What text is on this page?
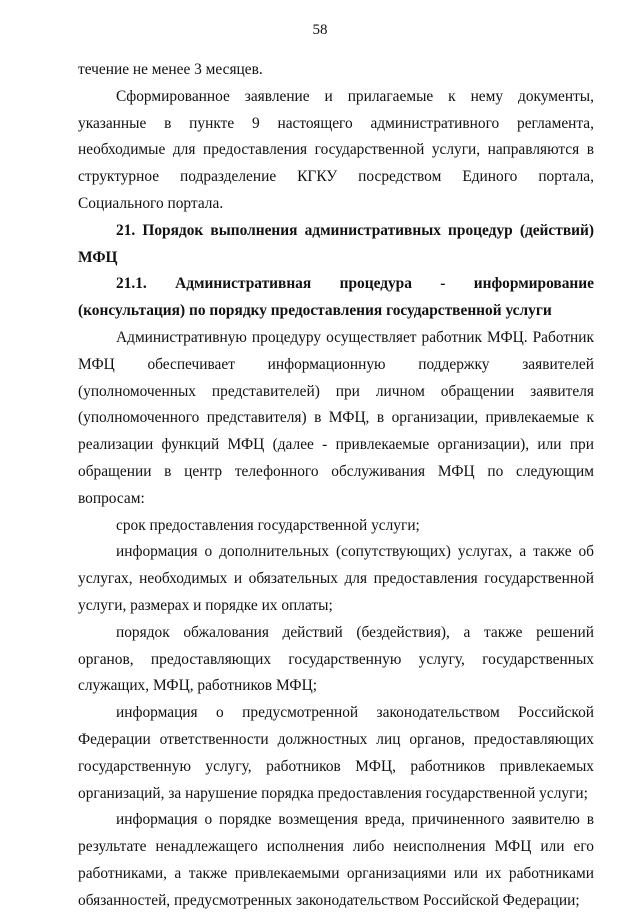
58

течение не менее 3 месяцев.

Сформированное заявление и прилагаемые к нему документы, указанные в пункте 9 настоящего административного регламента, необходимые для предоставления государственной услуги, направляются в структурное подразделение КГКУ посредством Единого портала, Социального портала.

21. Порядок выполнения административных процедур (действий) МФЦ

21.1. Административная процедура - информирование (консультация) по порядку предоставления государственной услуги

Административную процедуру осуществляет работник МФЦ. Работник МФЦ обеспечивает информационную поддержку заявителей (уполномоченных представителей) при личном обращении заявителя (уполномоченного представителя) в МФЦ, в организации, привлекаемые к реализации функций МФЦ (далее - привлекаемые организации), или при обращении в центр телефонного обслуживания МФЦ по следующим вопросам:

срок предоставления государственной услуги;

информация о дополнительных (сопутствующих) услугах, а также об услугах, необходимых и обязательных для предоставления государственной услуги, размерах и порядке их оплаты;

порядок обжалования действий (бездействия), а также решений органов, предоставляющих государственную услугу, государственных служащих, МФЦ, работников МФЦ;

информация о предусмотренной законодательством Российской Федерации ответственности должностных лиц органов, предоставляющих государственную услугу, работников МФЦ, работников привлекаемых организаций, за нарушение порядка предоставления государственной услуги;

информация о порядке возмещения вреда, причиненного заявителю в результате ненадлежащего исполнения либо неисполнения МФЦ или его работниками, а также привлекаемыми организациями или их работниками обязанностей, предусмотренных законодательством Российской Федерации;
